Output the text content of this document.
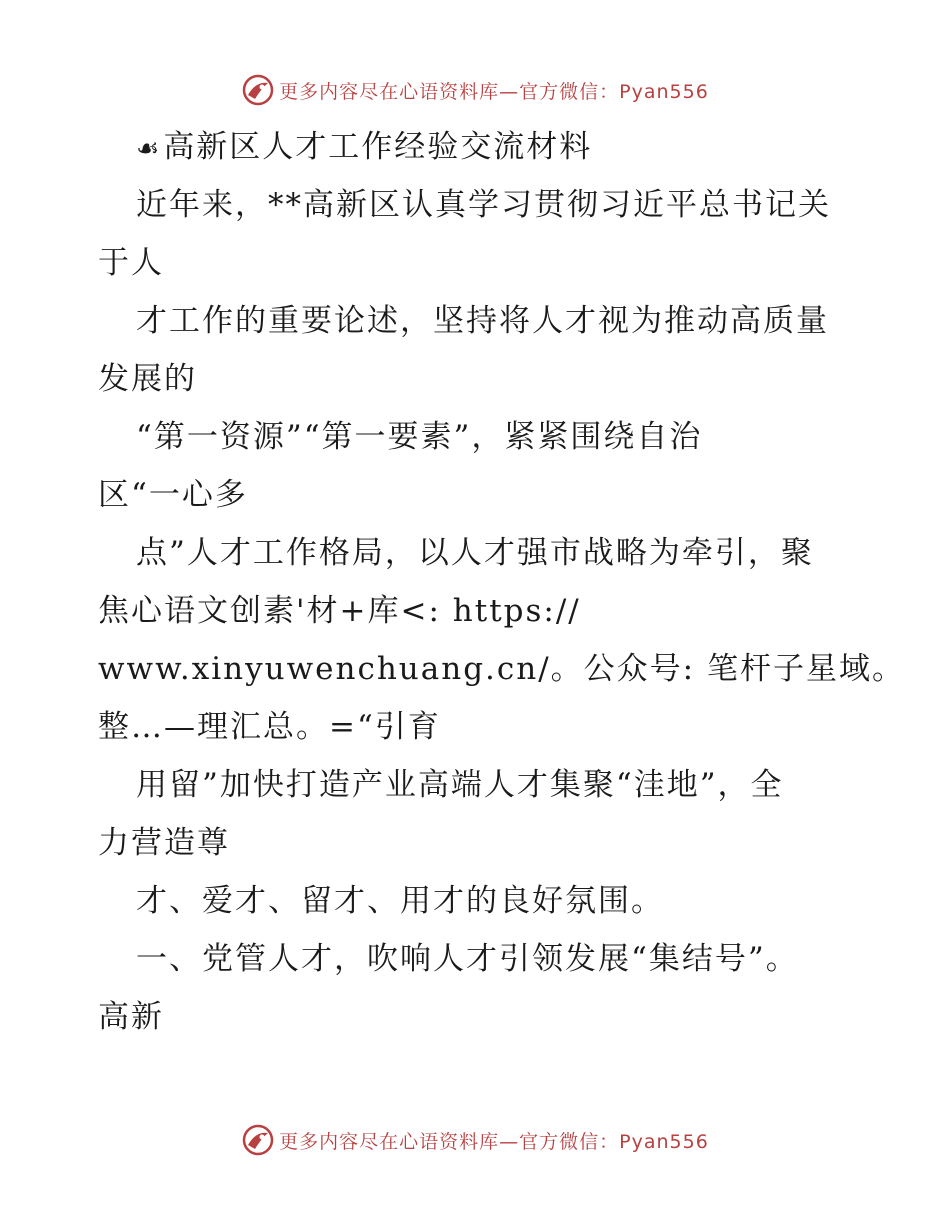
更多内容尽在心语资料库—官方微信：Pyan556
☙高新区人才工作经验交流材料
近年来，**高新区认真学习贯彻习近平总书记关
于人
才工作的重要论述，坚持将人才视为推动高质量
发展的
“第一资源”“第一要素”，紧紧围绕自治
区“一心多
点”人才工作格局，以人才强市战略为牵引，聚
焦心语文创素'材+库<: https://
www.xinyuwenchuang.cn/。公众号: 笔杆子星域。
整…—理汇总。=“引育
用留”加快打造产业高端人才集聚“洼地”，全
力营造尊
才、爱才、留才、用才的良好氛围。
一、党管人才，吹响人才引领发展“集结号”。
高新
更多内容尽在心语资料库—官方微信：Pyan556
